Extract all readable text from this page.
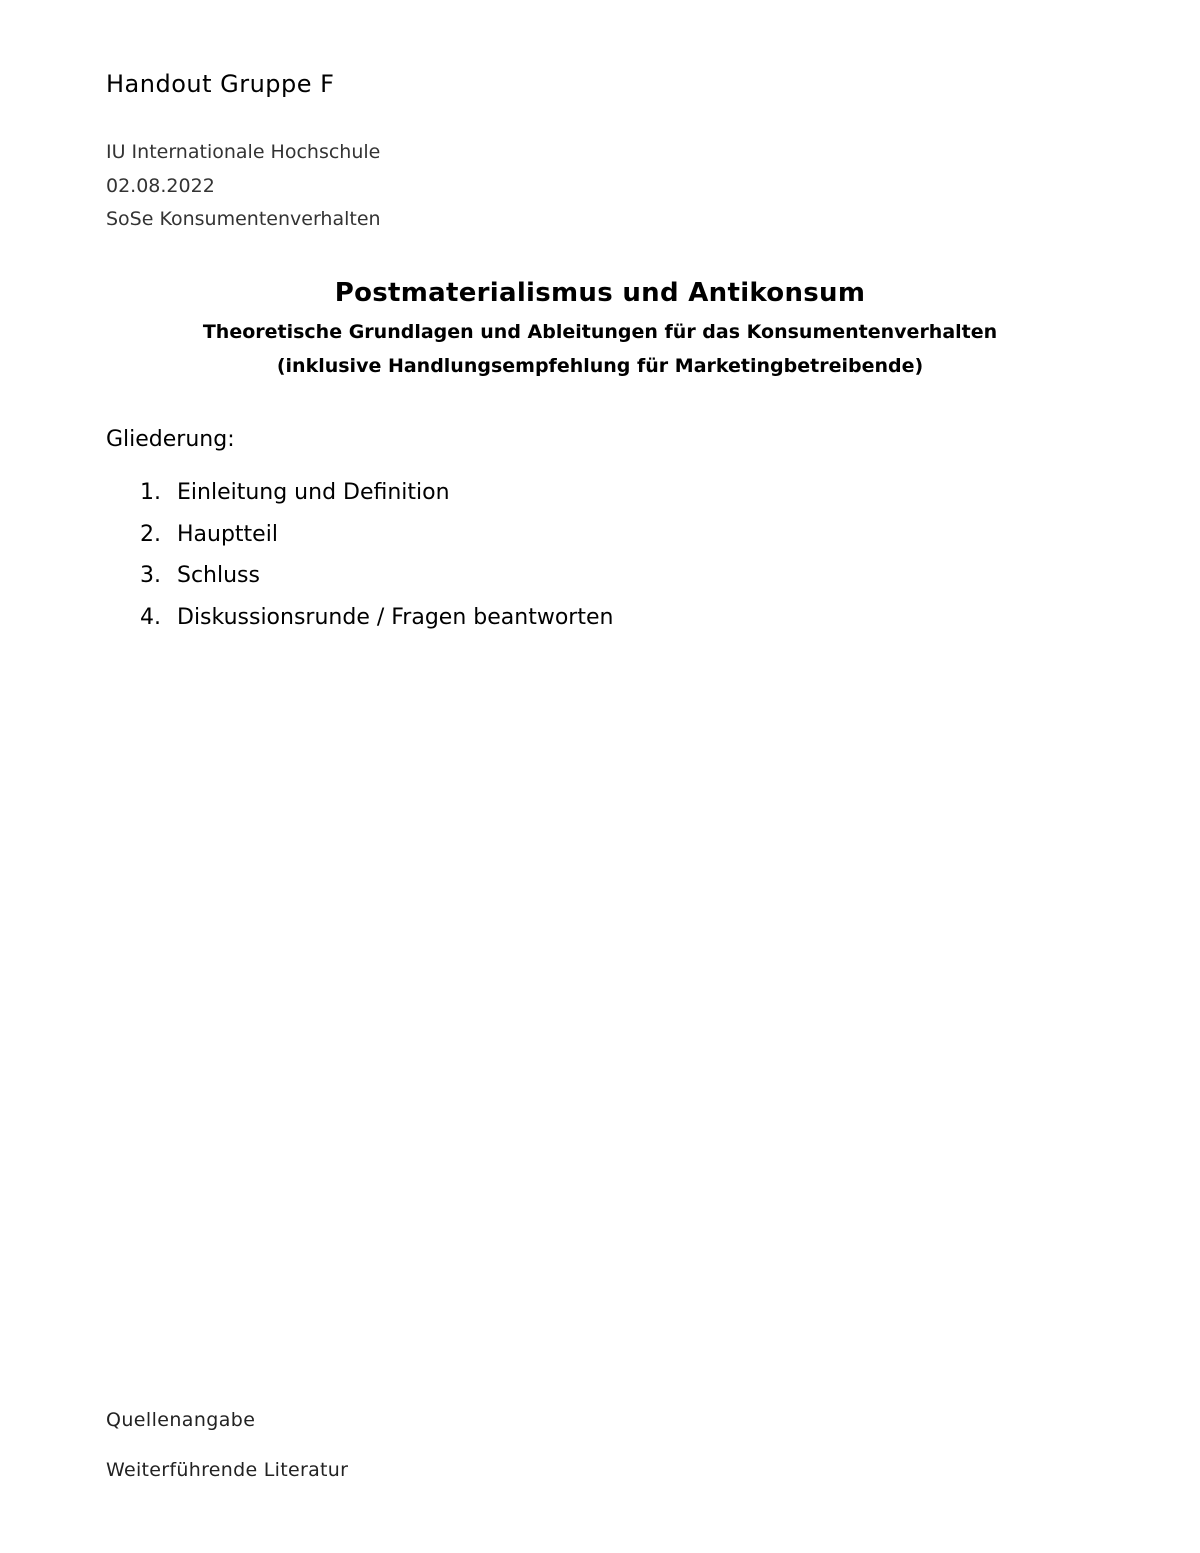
Handout Gruppe F
IU Internationale Hochschule
02.08.2022
SoSe Konsumentenverhalten
Postmaterialismus und Antikonsum
Theoretische Grundlagen und Ableitungen für das Konsumentenverhalten
(inklusive Handlungsempfehlung für Marketingbetreibende)
Gliederung:
1. Einleitung und Definition
2. Hauptteil
3. Schluss
4. Diskussionsrunde / Fragen beantworten
Quellenangabe
Weiterführende Literatur
